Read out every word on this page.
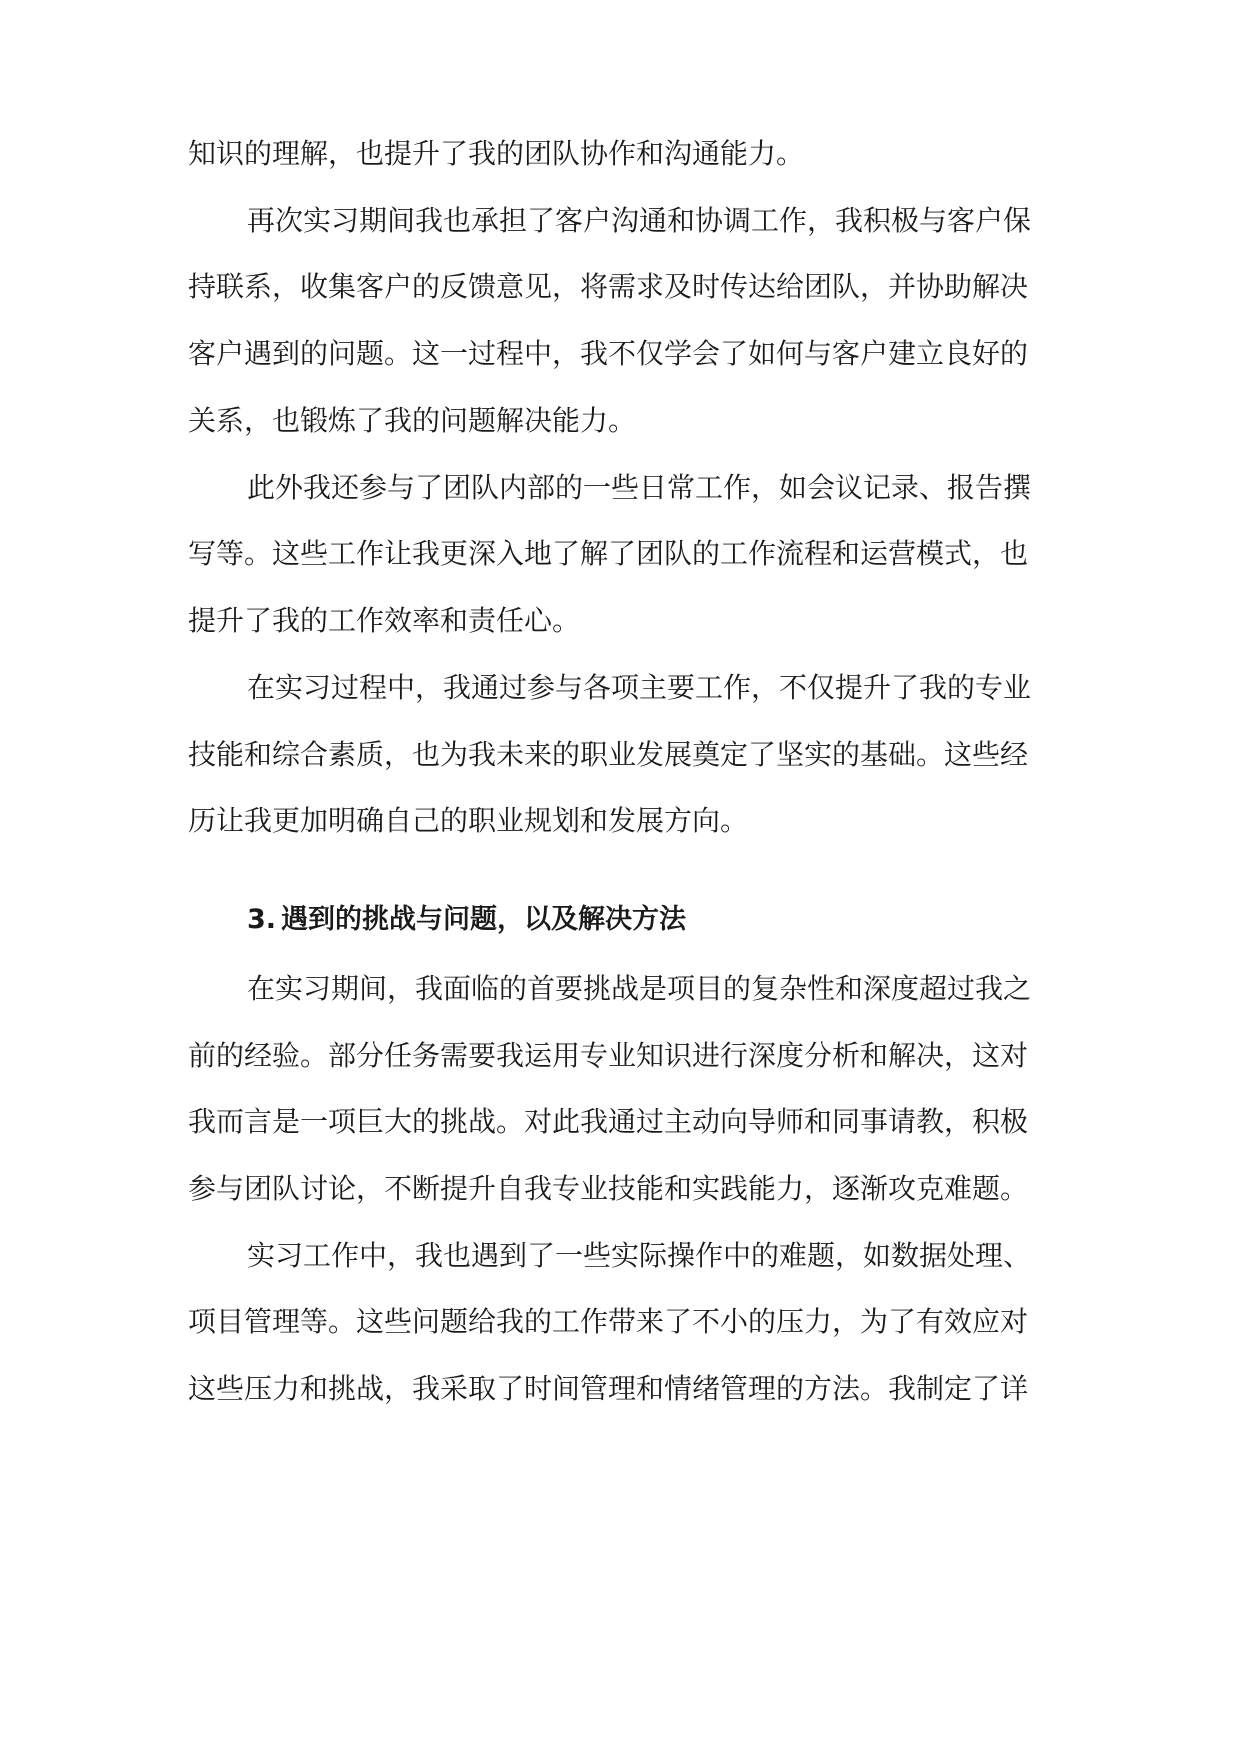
知识的理解，也提升了我的团队协作和沟通能力。
再次实习期间我也承担了客户沟通和协调工作，我积极与客户保
持联系，收集客户的反馈意见，将需求及时传达给团队，并协助解决
客户遇到的问题。这一过程中，我不仅学会了如何与客户建立良好的
关系，也锻炼了我的问题解决能力。
此外我还参与了团队内部的一些日常工作，如会议记录、报告撰
写等。这些工作让我更深入地了解了团队的工作流程和运营模式，也
提升了我的工作效率和责任心。
在实习过程中，我通过参与各项主要工作，不仅提升了我的专业
技能和综合素质，也为我未来的职业发展奠定了坚实的基础。这些经
历让我更加明确自己的职业规划和发展方向。
3. 遇到的挑战与问题，以及解决方法
在实习期间，我面临的首要挑战是项目的复杂性和深度超过我之
前的经验。部分任务需要我运用专业知识进行深度分析和解决，这对
我而言是一项巨大的挑战。对此我通过主动向导师和同事请教，积极
参与团队讨论，不断提升自我专业技能和实践能力，逐渐攻克难题。
实习工作中，我也遇到了一些实际操作中的难题，如数据处理、
项目管理等。这些问题给我的工作带来了不小的压力，为了有效应对
这些压力和挑战，我采取了时间管理和情绪管理的方法。我制定了详
